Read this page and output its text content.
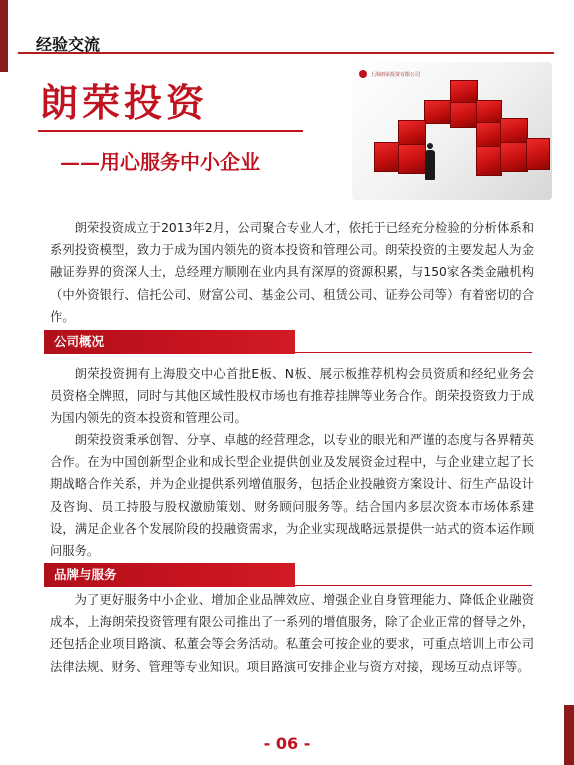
经验交流
朗荣投资
——用心服务中小企业
上海朗荣投资有限公司

朗荣投资成立于2013年2月，公司聚合专业人才，依托于已经充分检验的分析体系和系列投资模型，致力于成为国内领先的资本投资和管理公司。朗荣投资的主要发起人为金融证券界的资深人士，总经理方顺刚在业内具有深厚的资源积累，与150家各类金融机构（中外资银行、信托公司、财富公司、基金公司、租赁公司、证券公司等）有着密切的合作。

公司概况

朗荣投资拥有上海股交中心首批E板、N板、展示板推荐机构会员资质和经纪业务会员资格全牌照，同时与其他区域性股权市场也有推荐挂牌等业务合作。朗荣投资致力于成为国内领先的资本投资和管理公司。

朗荣投资秉承创智、分享、卓越的经营理念，以专业的眼光和严谨的态度与各界精英合作。在为中国创新型企业和成长型企业提供创业及发展资金过程中，与企业建立起了长期战略合作关系，并为企业提供系列增值服务，包括企业投融资方案设计、衍生产品设计及咨询、员工持股与股权激励策划、财务顾问服务等。结合国内多层次资本市场体系建设，满足企业各个发展阶段的投融资需求，为企业实现战略远景提供一站式的资本运作顾问服务。

品牌与服务

为了更好服务中小企业、增加企业品牌效应、增强企业自身管理能力、降低企业融资成本，上海朗荣投资管理有限公司推出了一系列的增值服务，除了企业正常的督导之外，还包括企业项目路演、私董会等会务活动。私董会可按企业的要求，可重点培训上市公司法律法规、财务、管理等专业知识。项目路演可安排企业与资方对接，现场互动点评等。

- 06 -
